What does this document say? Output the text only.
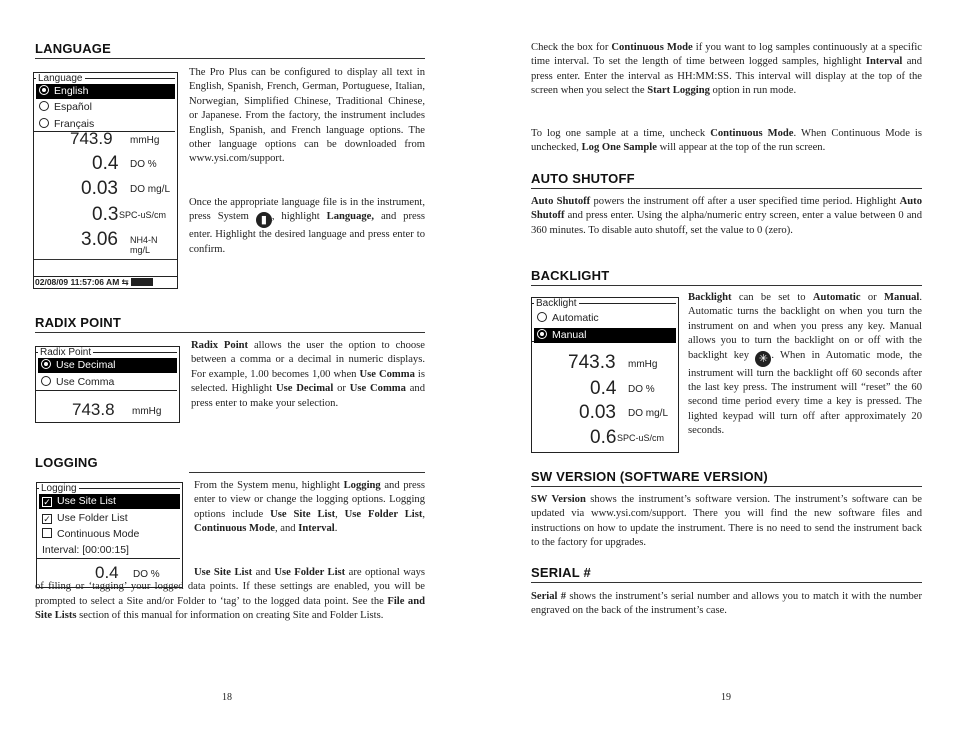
LANGUAGE
Language
English
Español
Français
743.9 mmHg
0.4 DO %
0.03 DO mg/L
0.3 SPC-uS/cm
3.06 NH4-N mg/L
02/08/09 11:57:06 AM ⇆
The Pro Plus can be configured to display all text in English, Spanish, French, German, Portuguese, Italian, Norwegian, Simplified Chinese, Traditional Chinese, or Japanese. From the factory, the instrument includes English, Spanish, and French language options. The other language options can be downloaded from www.ysi.com/support.
Once the appropriate language file is in the instrument, press System ▮ , highlight Language, and press enter. Highlight the desired language and press enter to confirm.
RADIX POINT
Radix Point
Use Decimal
Use Comma
743.8 mmHg
Radix Point allows the user the option to choose between a comma or a decimal in numeric displays. For example, 1.00 becomes 1,00 when Use Comma is selected. Highlight Use Decimal or Use Comma and press enter to make your selection.
LOGGING
Logging
✓ Use Site List
✓ Use Folder List
Continuous Mode
Interval: [00:00:15]
0.4 DO %
From the System menu, highlight Logging and press enter to view or change the logging options. Logging options include Use Site List, Use Folder List, Continuous Mode, and Interval.
Use Site List and Use Folder List are optional ways of filing or ‘tagging’ your logged data points. If these settings are enabled, you will be prompted to select a Site and/or Folder to ‘tag’ to the logged data point. See the File and Site Lists section of this manual for information on creating Site and Folder Lists.
18
Check the box for Continuous Mode if you want to log samples continuously at a specific time interval. To set the length of time between logged samples, highlight Interval and press enter. Enter the interval as HH:MM:SS. This interval will display at the top of the screen when you select the Start Logging option in run mode.
To log one sample at a time, uncheck Continuous Mode. When Continuous Mode is unchecked, Log One Sample will appear at the top of the run screen.
AUTO SHUTOFF
Auto Shutoff powers the instrument off after a user specified time period. Highlight Auto Shutoff and press enter. Using the alpha/numeric entry screen, enter a value between 0 and 360 minutes. To disable auto shutoff, set the value to 0 (zero).
BACKLIGHT
Backlight
Automatic
Manual
743.3 mmHg
0.4 DO %
0.03 DO mg/L
0.6 SPC-uS/cm
Backlight can be set to Automatic or Manual. Automatic turns the backlight on when you turn the instrument on and when you press any key. Manual allows you to turn the backlight on or off with the backlight key ✳ . When in Automatic mode, the instrument will turn the backlight off 60 seconds after the last key press. The instrument will “reset” the 60 second time period every time a key is pressed. The lighted keypad will turn off after approximately 20 seconds.
SW VERSION (SOFTWARE VERSION)
SW Version shows the instrument’s software version. The instrument’s software can be updated via www.ysi.com/support. There you will find the new software files and instructions on how to update the instrument. There is no need to send the instrument back to the factory for upgrades.
SERIAL #
Serial # shows the instrument’s serial number and allows you to match it with the number engraved on the back of the instrument’s case.
19
